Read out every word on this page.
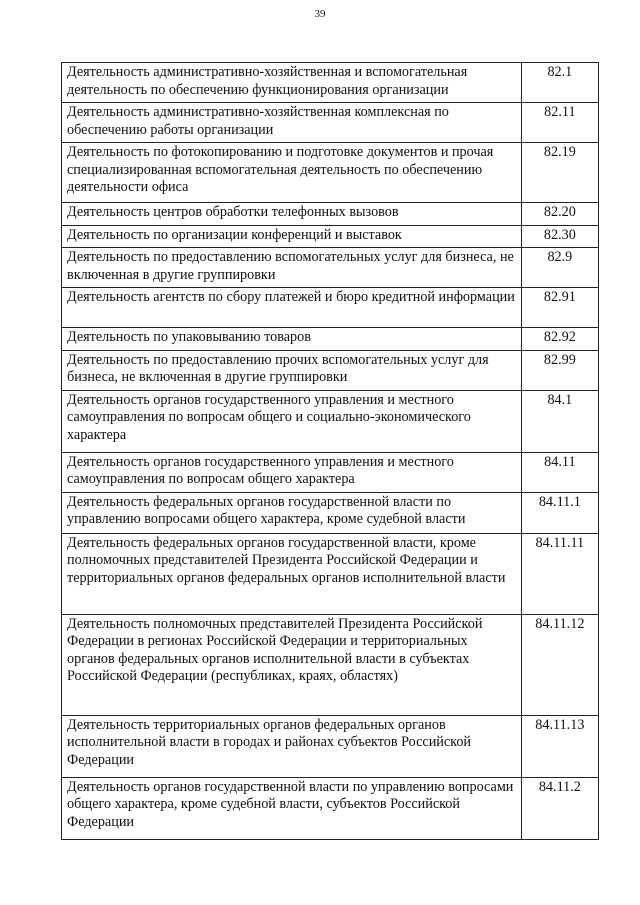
39
Деятельность административно-хозяйственная и вспомогательная деятельность по обеспечению функционирования организации	82.1
Деятельность административно-хозяйственная комплексная по обеспечению работы организации	82.11
Деятельность по фотокопированию и подготовке документов и прочая специализированная вспомогательная деятельность по обеспечению деятельности офиса	82.19
Деятельность центров обработки телефонных вызовов	82.20
Деятельность по организации конференций и выставок	82.30
Деятельность по предоставлению вспомогательных услуг для бизнеса, не включенная в другие группировки	82.9
Деятельность агентств по сбору платежей и бюро кредитной информации	82.91
Деятельность по упаковыванию товаров	82.92
Деятельность по предоставлению прочих вспомогательных услуг для бизнеса, не включенная в другие группировки	82.99
Деятельность органов государственного управления и местного самоуправления по вопросам общего и социально-экономического характера	84.1
Деятельность органов государственного управления и местного самоуправления по вопросам общего характера	84.11
Деятельность федеральных органов государственной власти по управлению вопросами общего характера, кроме судебной власти	84.11.1
Деятельность федеральных органов государственной власти, кроме полномочных представителей Президента Российской Федерации и территориальных органов федеральных органов исполнительной власти	84.11.11
Деятельность полномочных представителей Президента Российской Федерации в регионах Российской Федерации и территориальных органов федеральных органов исполнительной власти в субъектах Российской Федерации (республиках, краях, областях)	84.11.12
Деятельность территориальных органов федеральных органов исполнительной власти в городах и районах субъектов Российской Федерации	84.11.13
Деятельность органов государственной власти по управлению вопросами общего характера, кроме судебной власти, субъектов Российской Федерации	84.11.2
